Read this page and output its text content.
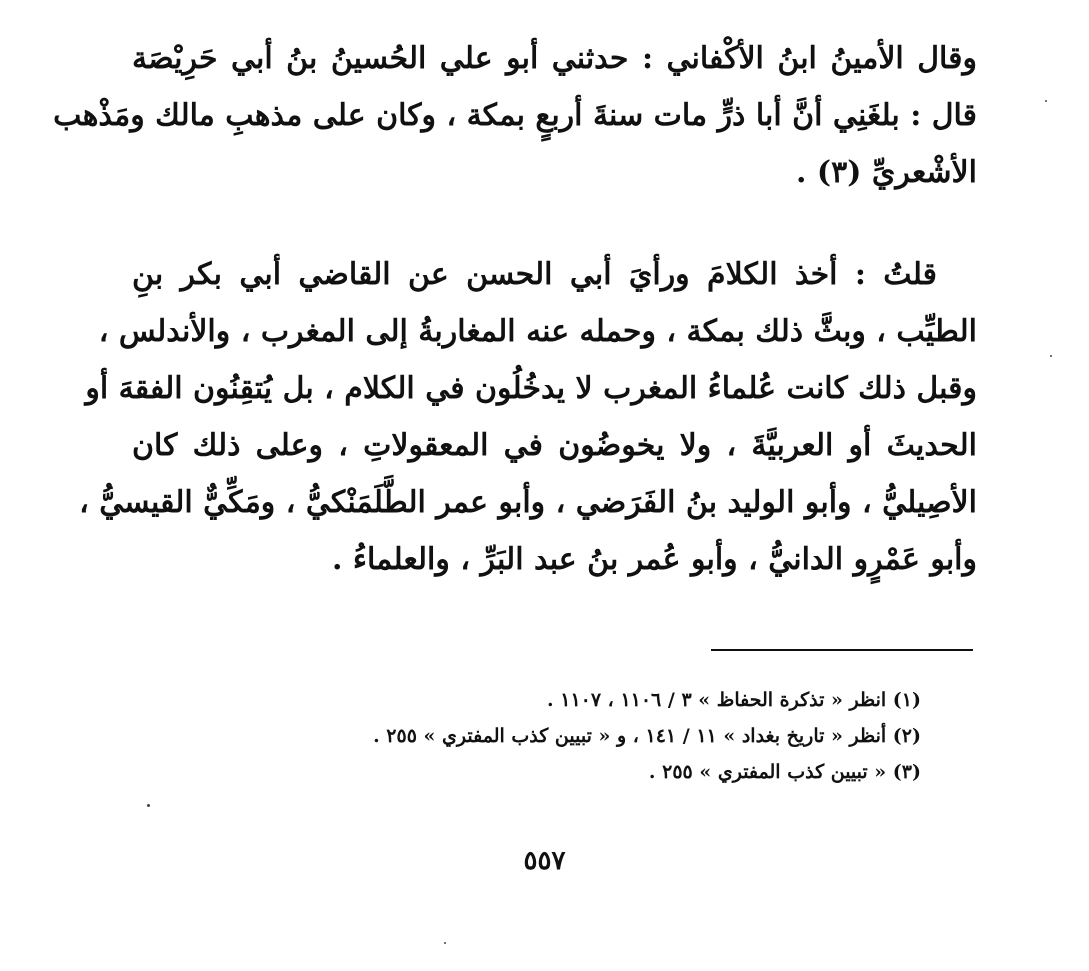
وقال الأمينُ ابنُ الأكْفاني : حدثني أبو علي الحُسينُ بنُ أبي حَرِيْصَة
قال : بلغَنِي أنَّ أبا ذرٍّ مات سنةَ أربعٍ بمكة ، وكان على مذهبِ مالك ومَذْهب
الأشْعريِّ (٣) .
قلتُ : أخذ الكلامَ ورأيَ أبي الحسن عن القاضي أبي بكر بنِ
الطيِّب ، وبثَّ ذلك بمكة ، وحمله عنه المغاربةُ إلى المغرب ، والأندلس ،
وقبل ذلك كانت عُلماءُ المغرب لا يدخُلُون في الكلام ، بل يُتقِنُون الفقهَ أو
الحديثَ أو العربيَّةَ ، ولا يخوضُون في المعقولاتِ ، وعلى ذلك كان
الأصِيليُّ ، وأبو الوليد بنُ الفَرَضي ، وأبو عمر الطَّلَمَنْكيُّ ، ومَكِّيٌّ القيسيُّ ،
وأبو عَمْرٍو الدانيُّ ، وأبو عُمر بنُ عبد البَرِّ ، والعلماءُ .
(١) انظر « تذكرة الحفاظ » ٣ / ١١٠٦ ، ١١٠٧ .
(٢) أنظر « تاريخ بغداد » ١١ / ١٤١ ، و « تبيين كذب المفتري » ٢٥٥ .
(٣) « تبيين كذب المفتري » ٢٥٥ .
٥٥٧
